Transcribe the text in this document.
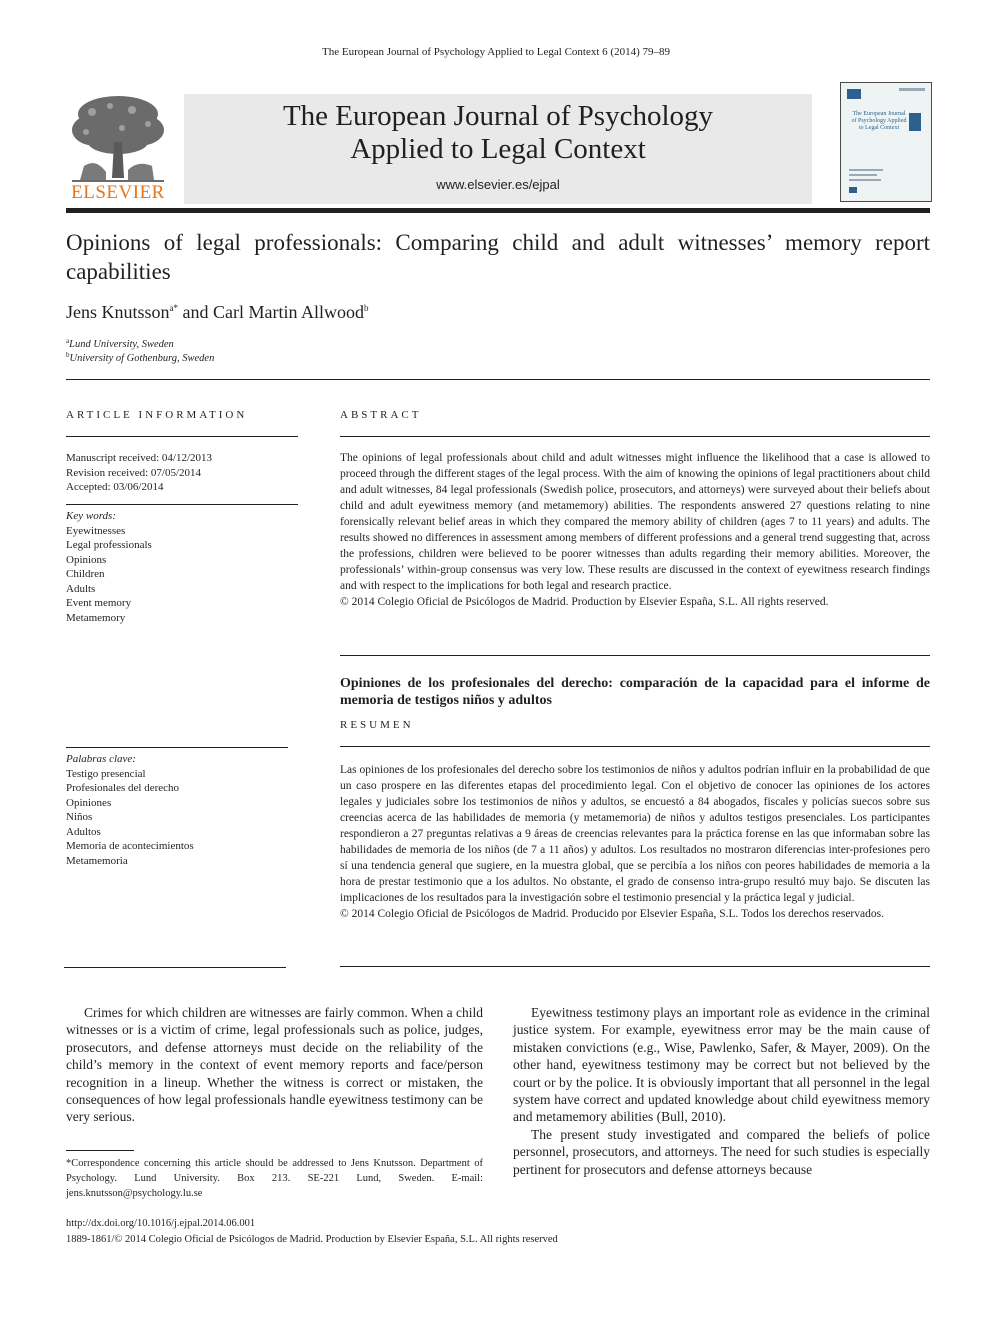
The European Journal of Psychology Applied to Legal Context 6 (2014) 79–89
ELSEVIER
The European Journal of Psychology
Applied to Legal Context
www.elsevier.es/ejpal
The European Journal of Psychology Applied to Legal Context
Opinions of legal professionals: Comparing child and adult witnesses’ memory report capabilities
Jens Knutsson$^{a*}$ and Carl Martin Allwood$^b$
$^a$Lund University, Sweden
$^b$University of Gothenburg, Sweden
ARTICLE INFORMATION
Manuscript received: 04/12/2013
Revision received: 07/05/2014
Accepted: 03/06/2014
Key words:
Eyewitnesses
Legal professionals
Opinions
Children
Adults
Event memory
Metamemory
Palabras clave:
Testigo presencial
Profesionales del derecho
Opiniones
Niños
Adultos
Memoria de acontecimientos
Metamemoria
ABSTRACT

The opinions of legal professionals about child and adult witnesses might influence the likelihood that a case is allowed to proceed through the different stages of the legal process. With the aim of knowing the opinions of legal practitioners about child and adult witnesses, 84 legal professionals (Swedish police, prosecutors, and attorneys) were surveyed about their beliefs about child and adult eyewitness memory (and metamemory) abilities. The respondents answered 27 questions relating to nine forensically relevant belief areas in which they compared the memory ability of children (ages 7 to 11 years) and adults. The results showed no differences in assessment among members of different professions and a general trend suggesting that, across the professions, children were believed to be poorer witnesses than adults regarding their memory abilities. Moreover, the professionals’ within-group consensus was very low. These results are discussed in the context of eyewitness research findings and with respect to the implications for both legal and research practice.

© 2014 Colegio Oficial de Psicólogos de Madrid. Production by Elsevier España, S.L. All rights reserved.

Opiniones de los profesionales del derecho: comparación de la capacidad para el informe de memoria de testigos niños y adultos
RESUMEN

Las opiniones de los profesionales del derecho sobre los testimonios de niños y adultos podrían influir en la probabilidad de que un caso prospere en las diferentes etapas del procedimiento legal. Con el objetivo de conocer las opiniones de los actores legales y judiciales sobre los testimonios de niños y adultos, se encuestó a 84 abogados, fiscales y policías suecos sobre sus creencias acerca de las habilidades de memoria (y metamemoria) de niños y adultos testigos presenciales. Los participantes respondieron a 27 preguntas relativas a 9 áreas de creencias relevantes para la práctica forense en las que informaban sobre las habilidades de memoria de los niños (de 7 a 11 años) y adultos. Los resultados no mostraron diferencias inter-profesiones pero sí una tendencia general que sugiere, en la muestra global, que se percibía a los niños con peores habilidades de memoria a la hora de prestar testimonio que a los adultos. No obstante, el grado de consenso intra-grupo resultó muy bajo. Se discuten las implicaciones de los resultados para la investigación sobre el testimonio presencial y la práctica legal y judicial.

© 2014 Colegio Oficial de Psicólogos de Madrid. Producido por Elsevier España, S.L. Todos los derechos reservados.

Crimes for which children are witnesses are fairly common. When a child witnesses or is a victim of crime, legal professionals such as police, judges, prosecutors, and defense attorneys must decide on the reliability of the child’s memory in the context of event memory reports and face/person recognition in a lineup. Whether the witness is correct or mistaken, the consequences of how legal professionals handle eyewitness testimony can be very serious.

Eyewitness testimony plays an important role as evidence in the criminal justice system. For example, eyewitness error may be the main cause of mistaken convictions (e.g., Wise, Pawlenko, Safer, & Mayer, 2009). On the other hand, eyewitness testimony may be correct but not believed by the court or by the police. It is obviously important that all personnel in the legal system have correct and updated knowledge about child eyewitness memory and metamemory abilities (Bull, 2010).

The present study investigated and compared the beliefs of police personnel, prosecutors, and attorneys. The need for such studies is especially pertinent for prosecutors and defense attorneys because

*Correspondence concerning this article should be addressed to Jens Knutsson. Department of Psychology. Lund University. Box 213. SE-221 Lund, Sweden. E-mail: jens.knutsson@psychology.lu.se
http://dx.doi.org/10.1016/j.ejpal.2014.06.001
1889-1861/© 2014 Colegio Oficial de Psicólogos de Madrid. Production by Elsevier España, S.L. All rights reserved
